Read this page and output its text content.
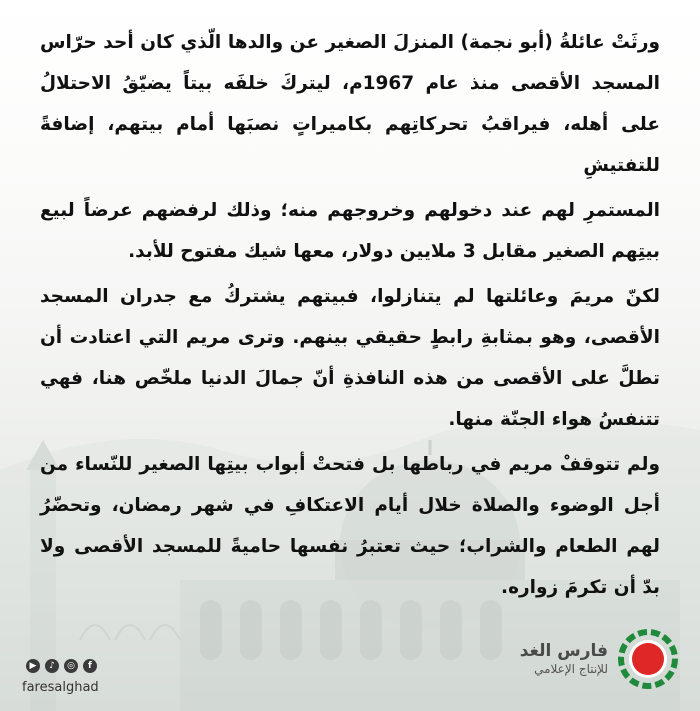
ورثَتْ عائلةُ (أبو نجمة) المنزلَ الصغير عن والدها الّذي كان أحد حرّاس المسجد الأقصى منذ عام 1967م، ليتركَ خلفَه بيتاً يضيّقُ الاحتلالُ على أهله، فيراقبُ تحركاتِهم بكاميراتٍ نصبَها أمام بيتهم، إضافةً للتفتيشِ

المستمرِ لهم عند دخولهم وخروجهم منه؛ وذلك لرفضهم عرضاً لبيع بيتِهم الصغير مقابل 3 ملايين دولار، معها شيك مفتوح للأبد.

لكنّ مريمَ وعائلتها لم يتنازلوا، فبيتهم يشتركُ مع جدران المسجد الأقصى، وهو بمثابةِ رابطٍ حقيقي بينهم. وترى مريم التي اعتادت أن تطلَّ على الأقصى من هذه النافذةِ أنّ جمالَ الدنيا ملخّص هنا، فهي تتنفسُ هواء الجنّة منها.

ولم تتوقفْ مريم في رباطها بل فتحتْ أبواب بيتِها الصغير للنّساء من أجل الوضوء والصلاة خلال أيام الاعتكافِ في شهر رمضان، وتحضّرُ لهم الطعام والشراب؛ حيث تعتبرُ نفسها حاميةً للمسجد الأقصى ولا بدّ أن تكرمَ زواره.

فارس الغد
للإنتاج الإعلامي
▶	♪	◎	f
faresalghad
